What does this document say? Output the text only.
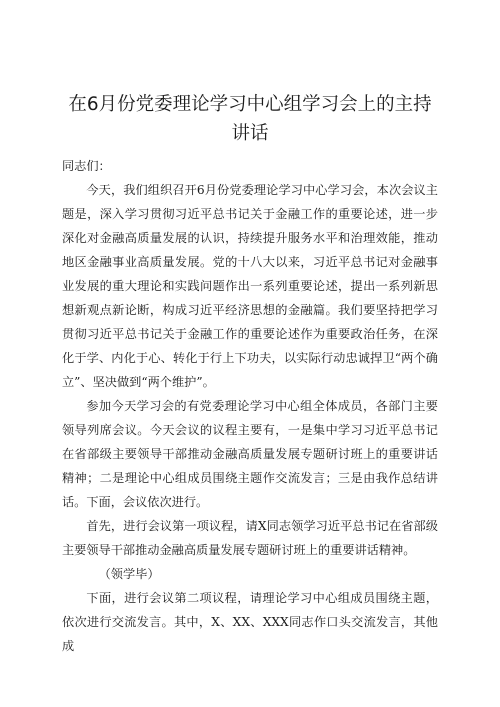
在6月份党委理论学习中心组学习会上的主持讲话

同志们：

今天，我们组织召开6月份党委理论学习中心学习会，本次会议主题是，深入学习贯彻习近平总书记关于金融工作的重要论述，进一步深化对金融高质量发展的认识，持续提升服务水平和治理效能，推动地区金融事业高质量发展。党的十八大以来，习近平总书记对金融事业发展的重大理论和实践问题作出一系列重要论述，提出一系列新思想新观点新论断，构成习近平经济思想的金融篇。我们要坚持把学习贯彻习近平总书记关于金融工作的重要论述作为重要政治任务，在深化于学、内化于心、转化于行上下功夫，以实际行动忠诚捍卫“两个确立”、坚决做到“两个维护”。

参加今天学习会的有党委理论学习中心组全体成员，各部门主要领导列席会议。今天会议的议程主要有，一是集中学习习近平总书记在省部级主要领导干部推动金融高质量发展专题研讨班上的重要讲话精神；二是理论中心组成员围绕主题作交流发言；三是由我作总结讲话。下面，会议依次进行。

首先，进行会议第一项议程，请X同志领学习近平总书记在省部级主要领导干部推动金融高质量发展专题研讨班上的重要讲话精神。

（领学毕）

下面，进行会议第二项议程，请理论学习中心组成员围绕主题，依次进行交流发言。其中，X、XX、XXX同志作口头交流发言，其他成
